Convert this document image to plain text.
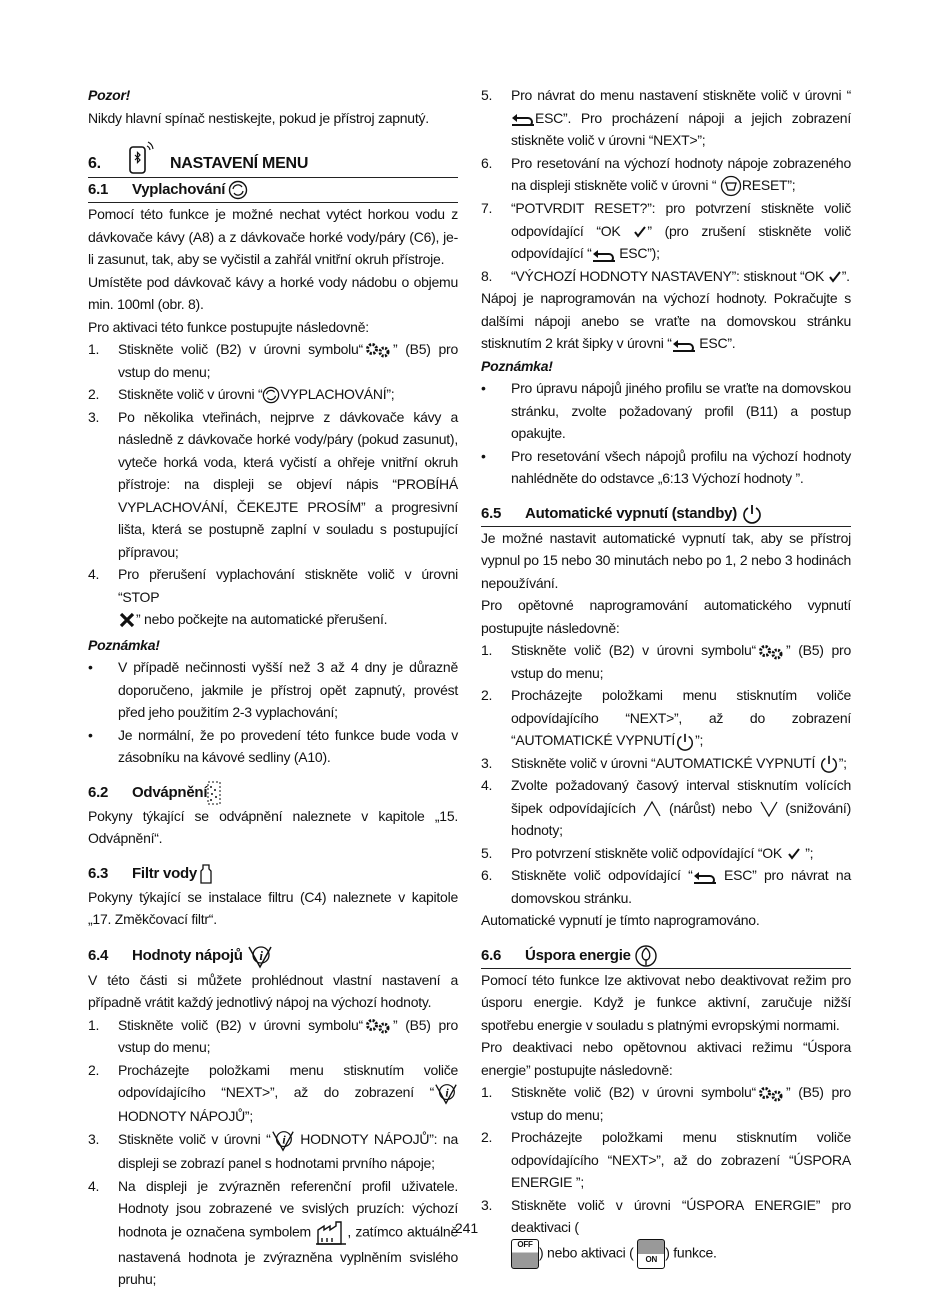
Pozor!

Nikdy hlavní spínač nestiskejte, pokud je přístroj zapnutý.

6.	NASTAVENÍ MENU
6.1	Vyplachování

Pomocí této funkce je možné nechat vytéct horkou vodu z dávkovače kávy (A8) a z dávkovače horké vody/páry (C6), je-li zasunut, tak, aby se vyčistil a zahřál vnitřní okruh přístroje.

Umístěte pod dávkovač kávy a horké vody nádobu o objemu min. 100ml (obr. 8).

Pro aktivaci této funkce postupujte následovně:

1.	Stiskněte volič (B2) v úrovni symbolu“ ” (B5) pro vstup do menu;
2.	Stiskněte volič v úrovni “ VYPLACHOVÁNÍ”;
3.	Po několika vteřinách, nejprve z dávkovače kávy a následně z dávkovače horké vody/páry (pokud zasunut), vyteče horká voda, která vyčistí a ohřeje vnitřní okruh přístroje: na displeji se objeví nápis “PROBÍHÁ VYPLACHOVÁNÍ, ČEKEJTE PROSÍM” a progresivní lišta, která se postupně zaplní v souladu s postupující přípravou;
4.	Pro přerušení vyplachování stiskněte volič v úrovni “STOP

” nebo počkejte na automatické přerušení.

Poznámka!

•	V případě nečinnosti vyšší než 3 až 4 dny je důrazně doporučeno, jakmile je přístroj opět zapnutý, provést před jeho použitím 2-3 vyplachování;
•	Je normální, že po provedení této funkce bude voda v zásobníku na kávové sedliny (A10).
6.2	Odvápnění

Pokyny týkající se odvápnění naleznete v kapitole „15. Odvápnění“.

6.3	Filtr vody

Pokyny týkající se instalace filtru (C4) naleznete v kapitole „17. Změkčovací filtr“.

6.4	Hodnoty nápojů i

V této části si můžete prohlédnout vlastní nastavení a případně vrátit každý jednotlivý nápoj na výchozí hodnoty.

1.	Stiskněte volič (B2) v úrovni symbolu“ ” (B5) pro vstup do menu;
2.	Procházejte položkami menu stisknutím voliče odpovídajícího “NEXT>”, až do zobrazení “ i
HODNOTY NÁPOJŮ”;
3.	Stiskněte volič v úrovni “ i HODNOTY NÁPOJŮ”: na displeji se zobrazí panel s hodnotami prvního nápoje;
4.	Na displeji je zvýrazněn referenční profil uživatele. Hodnoty jsou zobrazené ve svislých pruzích: výchozí hodnota je označena symbolem
, zatímco aktuálně nastavená hodnota je zvýrazněna vyplněním svislého pruhu;
5.	Pro návrat do menu nastavení stiskněte volič v úrovni “
ESC”. Pro procházení nápoji a jejich zobrazení stiskněte volič v úrovni “NEXT>”;
6.	Pro resetování na výchozí hodnoty nápoje zobrazeného na displeji stiskněte volič v úrovni “
RESET”;
7.	“POTVRDIT RESET?”: pro potvrzení stiskněte volič odpovídající “OK
” (pro zrušení stiskněte volič odpovídající “
ESC”);
8.	“VÝCHOZÍ HODNOTY NASTAVENY”: stisknout “OK
”.

Nápoj je naprogramován na výchozí hodnoty. Pokračujte s dalšími nápoji anebo se vraťte na domovskou stránku stisknutím 2 krát šipky v úrovni “
ESC”.

Poznámka!

•	Pro úpravu nápojů jiného profilu se vraťte na domovskou stránku, zvolte požadovaný profil (B11) a postup opakujte.
•	Pro resetování všech nápojů profilu na výchozí hodnoty nahlédněte do odstavce „6:13 Výchozí hodnoty ”.
6.5	Automatické vypnutí (standby)

Je možné nastavit automatické vypnutí tak, aby se přístroj vypnul po 15 nebo 30 minutách nebo po 1, 2 nebo 3 hodinách nepoužívání.

Pro opětovné naprogramování automatického vypnutí postupujte následovně:

1.	Stiskněte volič (B2) v úrovni symbolu“ ” (B5) pro vstup do menu;
2.	Procházejte položkami menu stisknutím voliče odpovídajícího “NEXT>”, až do zobrazení “AUTOMATICKÉ VYPNUTÍ ”;
3.	Stiskněte volič v úrovni “AUTOMATICKÉ VYPNUTÍ
”;
4.	Zvolte požadovaný časový interval stisknutím volících šipek odpovídajících
(nárůst) nebo
(snižování) hodnoty;
5.	Pro potvrzení stiskněte volič odpovídající “OK
”;
6.	Stiskněte volič odpovídající “
ESC” pro návrat na domovskou stránku.

Automatické vypnutí je tímto naprogramováno.

6.6	Úspora energie

Pomocí této funkce lze aktivovat nebo deaktivovat režim pro úsporu energie. Když je funkce aktivní, zaručuje nižší spotřebu energie v souladu s platnými evropskými normami.

Pro deaktivaci nebo opětovnou aktivaci režimu “Úspora energie” postupujte následovně:

1.	Stiskněte volič (B2) v úrovni symbolu“ ” (B5) pro vstup do menu;
2.	Procházejte položkami menu stisknutím voliče odpovídajícího “NEXT>”, až do zobrazení “ÚSPORA ENERGIE ”;
3.	Stiskněte volič v úrovni “ÚSPORA ENERGIE” pro deaktivaci (

OFF
) nebo aktivaci (	ON ) funkce.
241
